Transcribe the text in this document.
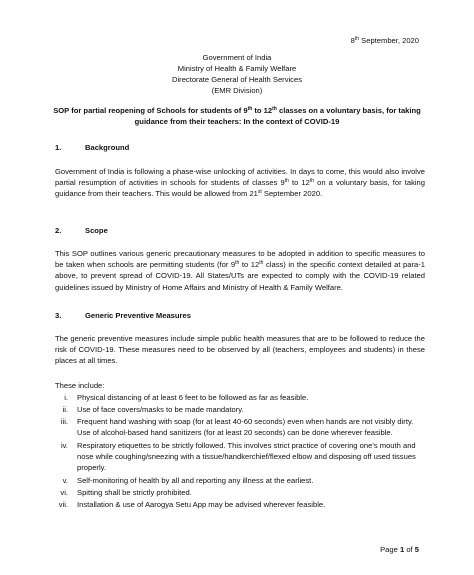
8th September, 2020
Government of India
Ministry of Health & Family Welfare
Directorate General of Health Services
(EMR Division)
SOP for partial reopening of Schools for students of 9th to 12th classes on a voluntary basis, for taking
guidance from their teachers: In the context of COVID-19
1.	Background
Government of India is following a phase-wise unlocking of activities. In days to come, this would also involve partial resumption of activities in schools for students of classes 9th to 12th on a voluntary basis, for taking guidance from their teachers. This would be allowed from 21st September 2020.
2.	Scope
This SOP outlines various generic precautionary measures to be adopted in addition to specific measures to be taken when schools are permitting students (for 9th to 12th class) in the specific context detailed at para-1 above, to prevent spread of COVID-19. All States/UTs are expected to comply with the COVID-19 related guidelines issued by Ministry of Home Affairs and Ministry of Health & Family Welfare.
3.	Generic Preventive Measures
The generic preventive measures include simple public health measures that are to be followed to reduce the risk of COVID-19. These measures need to be observed by all (teachers, employees and students) in these places at all times.
These include:
i. Physical distancing of at least 6 feet to be followed as far as feasible.
ii. Use of face covers/masks to be made mandatory.
iii. Frequent hand washing with soap (for at least 40-60 seconds) even when hands are not visibly dirty. Use of alcohol-based hand sanitizers (for at least 20 seconds) can be done wherever feasible.
iv. Respiratory etiquettes to be strictly followed. This involves strict practice of covering one’s mouth and nose while coughing/sneezing with a tissue/handkerchief/flexed elbow and disposing off used tissues properly.
v. Self-monitoring of health by all and reporting any illness at the earliest.
vi. Spitting shall be strictly prohibited.
vii. Installation & use of Aarogya Setu App may be advised wherever feasible.
Page 1 of 5
